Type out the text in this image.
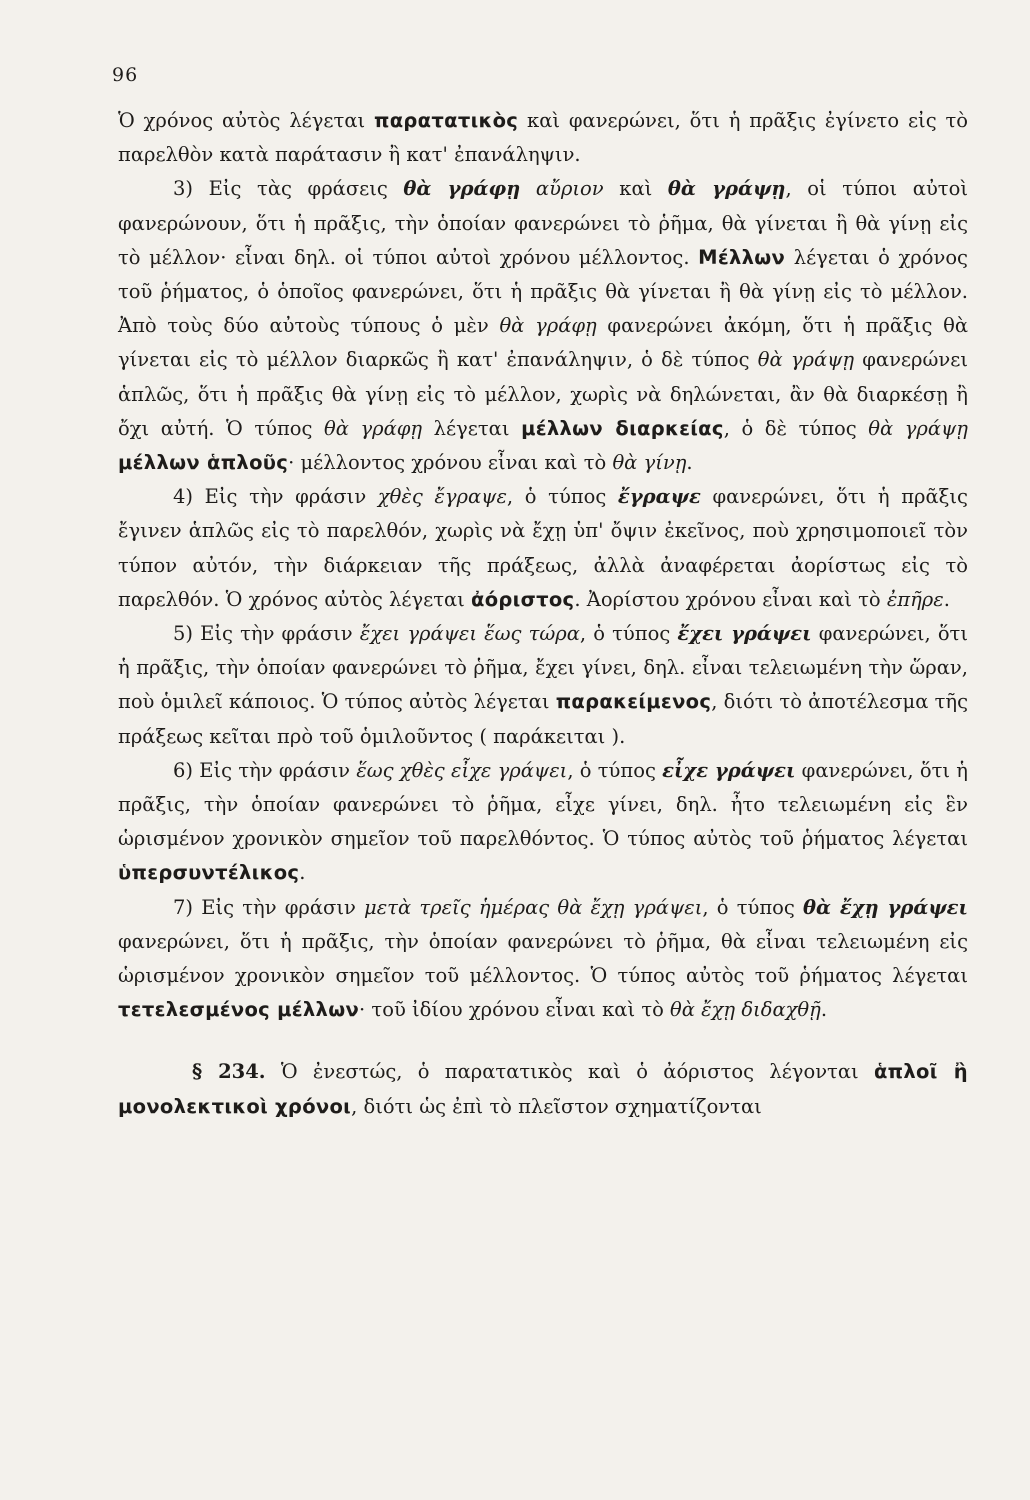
96

Ὁ χρόνος αὐτὸς λέγεται παρατατικὸς καὶ φανερώνει, ὅτι ἡ πρᾶξις ἐγίνετο εἰς τὸ παρελθὸν κατὰ παράτασιν ἢ κατ' ἐπανάληψιν.

3) Εἰς τὰς φράσεις θὰ γράφῃ αὔριον καὶ θὰ γράψῃ, οἱ τύποι αὐτοὶ φανερώνουν, ὅτι ἡ πρᾶξις, τὴν ὁποίαν φανερώνει τὸ ῥῆμα, θὰ γίνεται ἢ θὰ γίνῃ εἰς τὸ μέλλον· εἶναι δηλ. οἱ τύποι αὐτοὶ χρόνου μέλλοντος. Μέλλων λέγεται ὁ χρόνος τοῦ ῥήματος, ὁ ὁποῖος φανερώνει, ὅτι ἡ πρᾶξις θὰ γίνεται ἢ θὰ γίνῃ εἰς τὸ μέλλον. Ἀπὸ τοὺς δύο αὐτοὺς τύπους ὁ μὲν θὰ γράφῃ φανερώνει ἀκόμη, ὅτι ἡ πρᾶξις θὰ γίνεται εἰς τὸ μέλλον διαρκῶς ἢ κατ' ἐπανάληψιν, ὁ δὲ τύπος θὰ γράψῃ φανερώνει ἁπλῶς, ὅτι ἡ πρᾶξις θὰ γίνῃ εἰς τὸ μέλλον, χωρὶς νὰ δηλώνεται, ἂν θὰ διαρκέσῃ ἢ ὄχι αὐτή. Ὁ τύπος θὰ γράφῃ λέγεται μέλλων διαρκείας, ὁ δὲ τύπος θὰ γράψῃ μέλλων ἁπλοῦς· μέλλοντος χρόνου εἶναι καὶ τὸ θὰ γίνῃ.

4) Εἰς τὴν φράσιν χθὲς ἔγραψε, ὁ τύπος ἔγραψε φανερώνει, ὅτι ἡ πρᾶξις ἔγινεν ἁπλῶς εἰς τὸ παρελθόν, χωρὶς νὰ ἔχῃ ὑπ' ὄψιν ἐκεῖνος, ποὺ χρησιμοποιεῖ τὸν τύπον αὐτόν, τὴν διάρκειαν τῆς πράξεως, ἀλλὰ ἀναφέρεται ἀορίστως εἰς τὸ παρελθόν. Ὁ χρόνος αὐτὸς λέγεται ἀόριστος. Ἀορίστου χρόνου εἶναι καὶ τὸ ἐπῆρε.

5) Εἰς τὴν φράσιν ἔχει γράψει ἕως τώρα, ὁ τύπος ἔχει γράψει φανερώνει, ὅτι ἡ πρᾶξις, τὴν ὁποίαν φανερώνει τὸ ῥῆμα, ἔχει γίνει, δηλ. εἶναι τελειωμένη τὴν ὥραν, ποὺ ὁμιλεῖ κάποιος. Ὁ τύπος αὐτὸς λέγεται παρακείμενος, διότι τὸ ἀποτέλεσμα τῆς πράξεως κεῖται πρὸ τοῦ ὁμιλοῦντος ( παράκειται ).

6) Εἰς τὴν φράσιν ἕως χθὲς εἶχε γράψει, ὁ τύπος εἶχε γράψει φανερώνει, ὅτι ἡ πρᾶξις, τὴν ὁποίαν φανερώνει τὸ ῥῆμα, εἶχε γίνει, δηλ. ἦτο τελειωμένη εἰς ἓν ὡρισμένον χρονικὸν σημεῖον τοῦ παρελθόντος. Ὁ τύπος αὐτὸς τοῦ ῥήματος λέγεται ὑπερσυντέλικος.

7) Εἰς τὴν φράσιν μετὰ τρεῖς ἡμέρας θὰ ἔχῃ γράψει, ὁ τύπος θὰ ἔχῃ γράψει φανερώνει, ὅτι ἡ πρᾶξις, τὴν ὁποίαν φανερώνει τὸ ῥῆμα, θὰ εἶναι τελειωμένη εἰς ὡρισμένον χρονικὸν σημεῖον τοῦ μέλλοντος. Ὁ τύπος αὐτὸς τοῦ ῥήματος λέγεται τετελεσμένος μέλλων· τοῦ ἰδίου χρόνου εἶναι καὶ τὸ θὰ ἔχῃ διδαχθῇ.

§ 234. Ὁ ἐνεστώς, ὁ παρατατικὸς καὶ ὁ ἀόριστος λέγονται ἁπλοῖ ἢ μονολεκτικοὶ χρόνοι, διότι ὡς ἐπὶ τὸ πλεῖστον σχηματίζονται
